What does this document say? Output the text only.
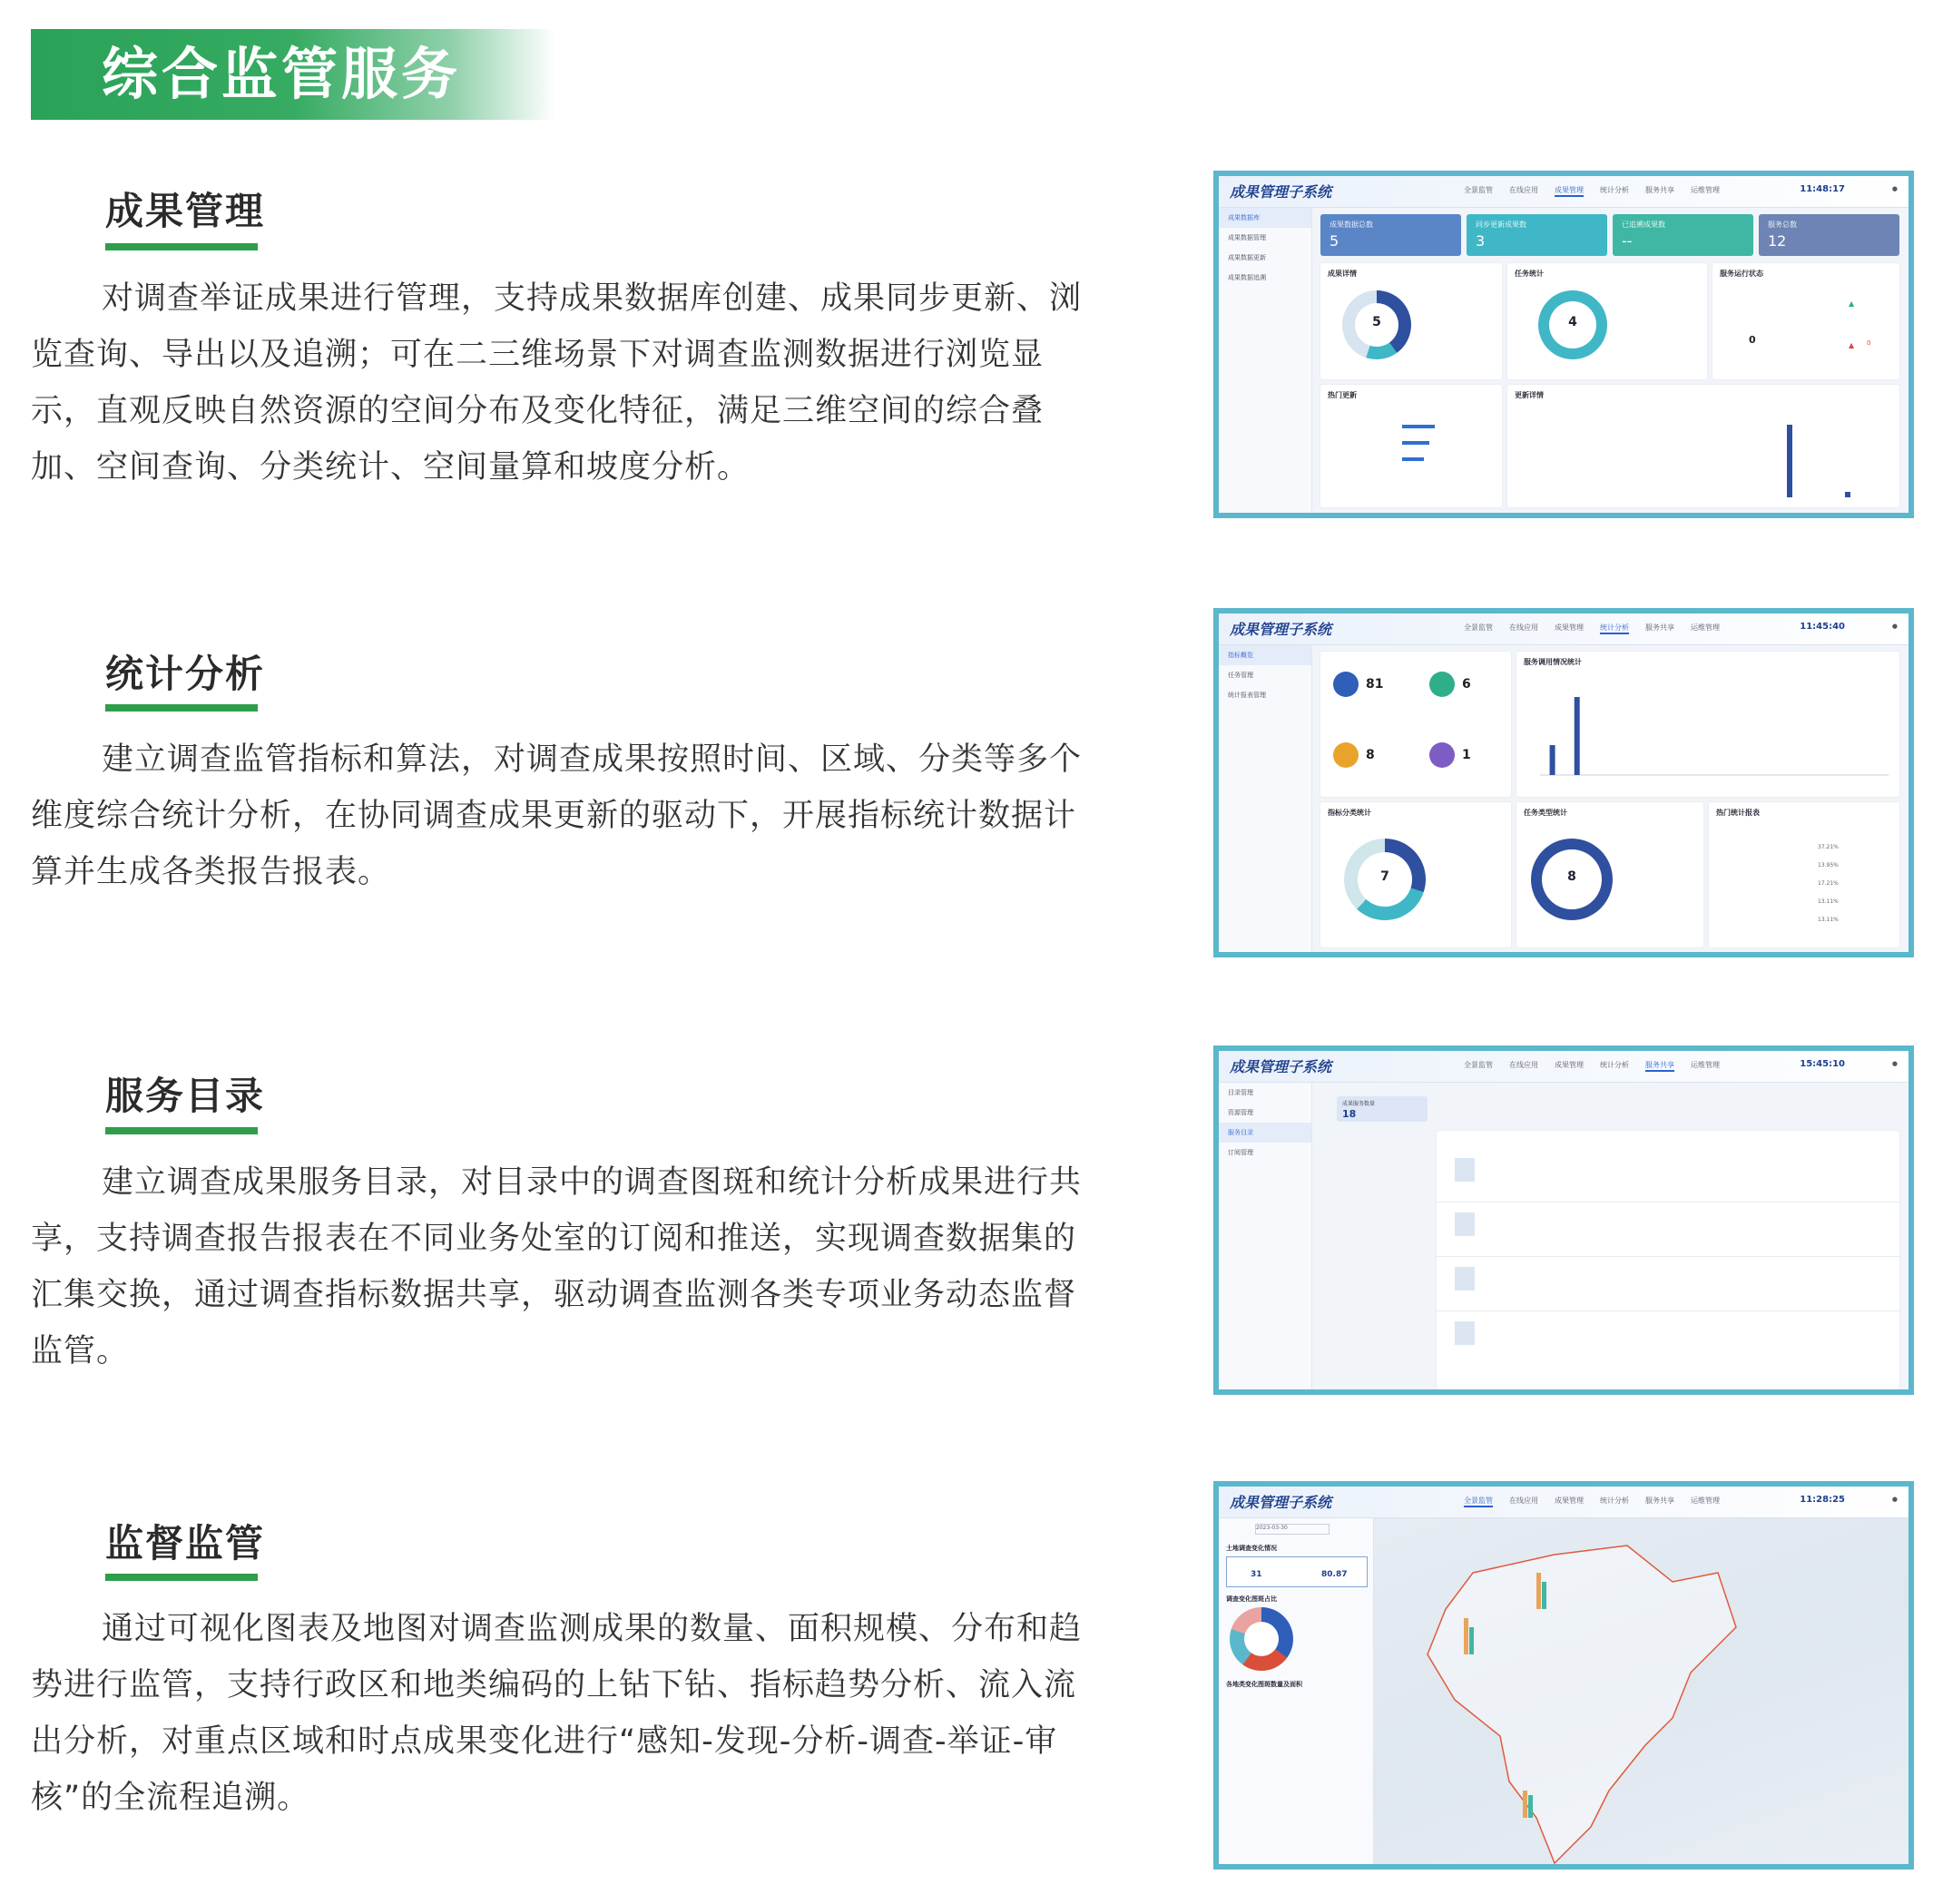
综合监管服务
成果管理
对调查举证成果进行管理，支持成果数据库创建、成果同步更新、浏览查询、导出以及追溯；可在二三维场景下对调查监测数据进行浏览显示，直观反映自然资源的空间分布及变化特征，满足三维空间的综合叠加、空间查询、分类统计、空间量算和坡度分析。
统计分析
建立调查监管指标和算法，对调查成果按照时间、区域、分类等多个维度综合统计分析，在协同调查成果更新的驱动下，开展指标统计数据计算并生成各类报告报表。
服务目录
建立调查成果服务目录，对目录中的调查图斑和统计分析成果进行共享，支持调查报告报表在不同业务处室的订阅和推送，实现调查数据集的汇集交换，通过调查指标数据共享，驱动调查监测各类专项业务动态监督监管。
监督监管
通过可视化图表及地图对调查监测成果的数量、面积规模、分布和趋势进行监管，支持行政区和地类编码的上钻下钻、指标趋势分析、流入流出分析，对重点区域和时点成果变化进行“感知-发现-分析-调查-举证-审核”的全流程追溯。
成果管理子系统	全景监管 在线应用 成果管理 统计分析 服务共享 运维管理	11:48:17	●
成果数据库
成果数据管理
成果数据更新
成果数据追溯
成果数据总数
5
同步更新成果数
3
已追溯成果数
--
服务总数
12
成果详情
5
任务统计
4
服务运行状态
0
▲
▲ 0
热门更新	更新详情
成果管理子系统	全景监管 在线应用 成果管理 统计分析 服务共享 运维管理	11:45:40	●
指标概览
任务管理
统计报表管理
81	6
8	1
服务调用情况统计
指标分类统计
7
任务类型统计
8
热门统计报表
37.21%
13.95%
17.21%
13.11%
13.11%
成果管理子系统	全景监管 在线应用 成果管理 统计分析 服务共享 运维管理	15:45:10	●
目录管理
资源管理
服务目录
订阅管理
成果服务数量
18
成果管理子系统	全景监管 在线应用 成果管理 统计分析 服务共享 运维管理	11:28:25	●
2023-03-30
土地调查变化情况
31	80.87
调查变化图斑占比
各地类变化图斑数量及面积
